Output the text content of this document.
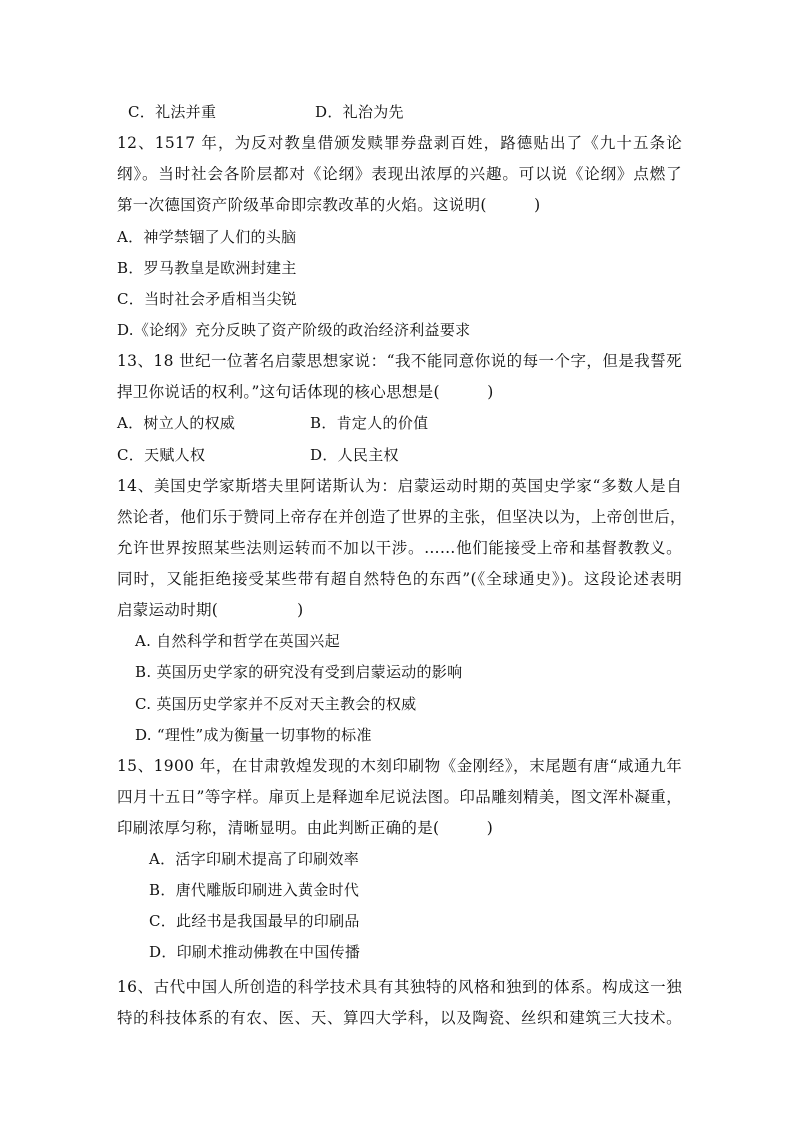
C．礼法并重	D．礼治为先
12、1517 年，为反对教皇借颁发赎罪券盘剥百姓，路德贴出了《九十五条论
纲》。当时社会各阶层都对《论纲》表现出浓厚的兴趣。可以说《论纲》点燃了
第一次德国资产阶级革命即宗教改革的火焰。这说明(　　　)
A．神学禁锢了人们的头脑
B．罗马教皇是欧洲封建主
C．当时社会矛盾相当尖锐
D.《论纲》充分反映了资产阶级的政治经济利益要求
13、18 世纪一位著名启蒙思想家说：“我不能同意你说的每一个字，但是我誓死
捍卫你说话的权利。”这句话体现的核心思想是(　　　)
A．树立人的权威	B．肯定人的价值
C．天赋人权	D．人民主权
14、美国史学家斯塔夫里阿诺斯认为：启蒙运动时期的英国史学家“多数人是自
然论者，他们乐于赞同上帝存在并创造了世界的主张，但坚决以为，上帝创世后，
允许世界按照某些法则运转而不加以干涉。……他们能接受上帝和基督教教义。
同时，又能拒绝接受某些带有超自然特色的东西”(《全球通史》)。这段论述表明
启蒙运动时期(　　　　　)
A. 自然科学和哲学在英国兴起
B. 英国历史学家的研究没有受到启蒙运动的影响
C. 英国历史学家并不反对天主教会的权威
D. “理性”成为衡量一切事物的标准
15、1900 年，在甘肃敦煌发现的木刻印刷物《金刚经》，末尾题有唐“咸通九年
四月十五日”等字样。扉页上是释迦牟尼说法图。印品雕刻精美，图文浑朴凝重，
印刷浓厚匀称，清晰显明。由此判断正确的是(　　　)
A．活字印刷术提高了印刷效率
B．唐代雕版印刷进入黄金时代
C．此经书是我国最早的印刷品
D．印刷术推动佛教在中国传播
16、古代中国人所创造的科学技术具有其独特的风格和独到的体系。构成这一独
特的科技体系的有农、医、天、算四大学科，以及陶瓷、丝织和建筑三大技术。
